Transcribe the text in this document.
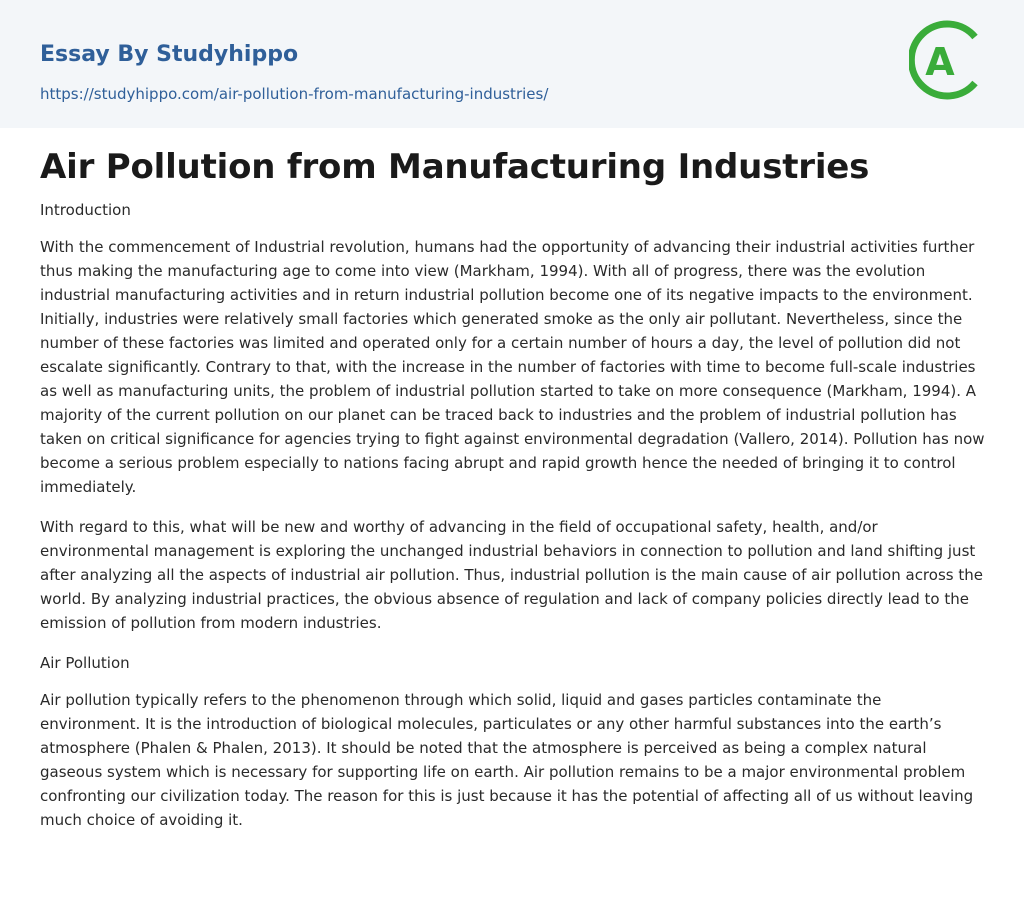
Essay By Studyhippo
https://studyhippo.com/air-pollution-from-manufacturing-industries/
A
Air Pollution from Manufacturing Industries

Introduction

With the commencement of Industrial revolution, humans had the opportunity of advancing their industrial activities further thus making the manufacturing age to come into view (Markham, 1994). With all of progress, there was the evolution industrial manufacturing activities and in return industrial pollution become one of its negative impacts to the environment. Initially, industries were relatively small factories which generated smoke as the only air pollutant. Nevertheless, since the number of these factories was limited and operated only for a certain number of hours a day, the level of pollution did not escalate significantly. Contrary to that, with the increase in the number of factories with time to become full-scale industries as well as manufacturing units, the problem of industrial pollution started to take on more consequence (Markham, 1994). A majority of the current pollution on our planet can be traced back to industries and the problem of industrial pollution has taken on critical significance for agencies trying to fight against environmental degradation (Vallero, 2014). Pollution has now become a serious problem especially to nations facing abrupt and rapid growth hence the needed of bringing it to control immediately.

With regard to this, what will be new and worthy of advancing in the field of occupational safety, health, and/or environmental management is exploring the unchanged industrial behaviors in connection to pollution and land shifting just after analyzing all the aspects of industrial air pollution. Thus, industrial pollution is the main cause of air pollution across the world. By analyzing industrial practices, the obvious absence of regulation and lack of company policies directly lead to the emission of pollution from modern industries.

Air Pollution

Air pollution typically refers to the phenomenon through which solid, liquid and gases particles contaminate the environment. It is the introduction of biological molecules, particulates or any other harmful substances into the earth’s atmosphere (Phalen & Phalen, 2013). It should be noted that the atmosphere is perceived as being a complex natural gaseous system which is necessary for supporting life on earth. Air pollution remains to be a major environmental problem confronting our civilization today. The reason for this is just because it has the potential of affecting all of us without leaving much choice of avoiding it.
